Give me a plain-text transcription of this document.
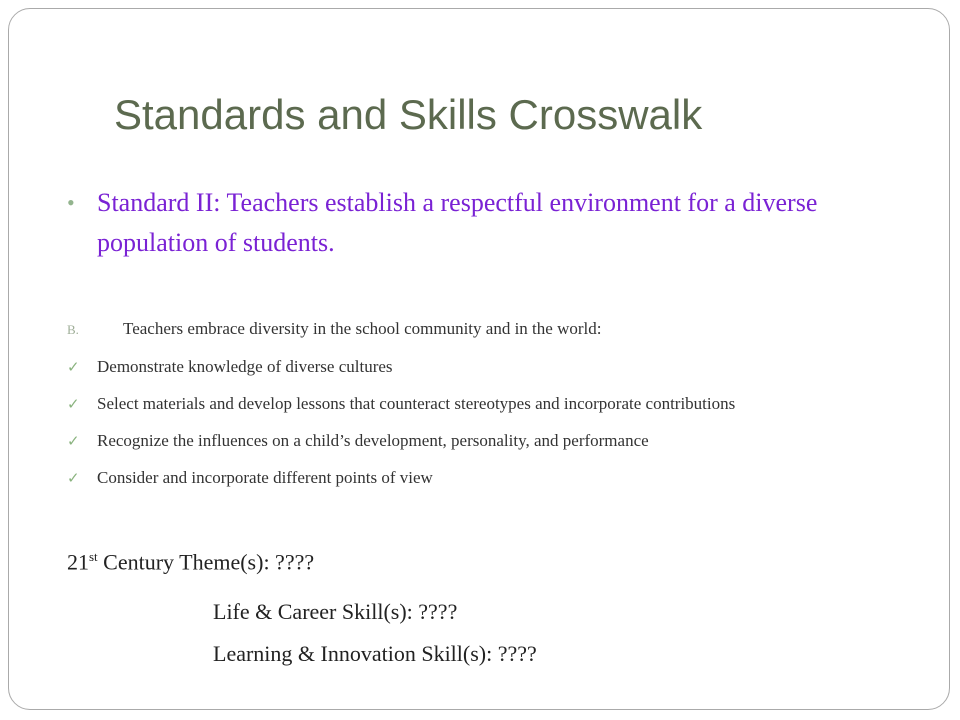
Standards and Skills Crosswalk
• Standard II: Teachers establish a respectful environment for a diverse population of students.
B.	Teachers embrace diversity in the school community and in the world:
✓ Demonstrate knowledge of diverse cultures
✓ Select materials and develop lessons that counteract stereotypes and incorporate contributions
✓ Recognize the influences on a child’s development, personality, and performance
✓ Consider and incorporate different points of view
21st Century Theme(s): ????
Life & Career Skill(s): ????
Learning & Innovation Skill(s): ????
